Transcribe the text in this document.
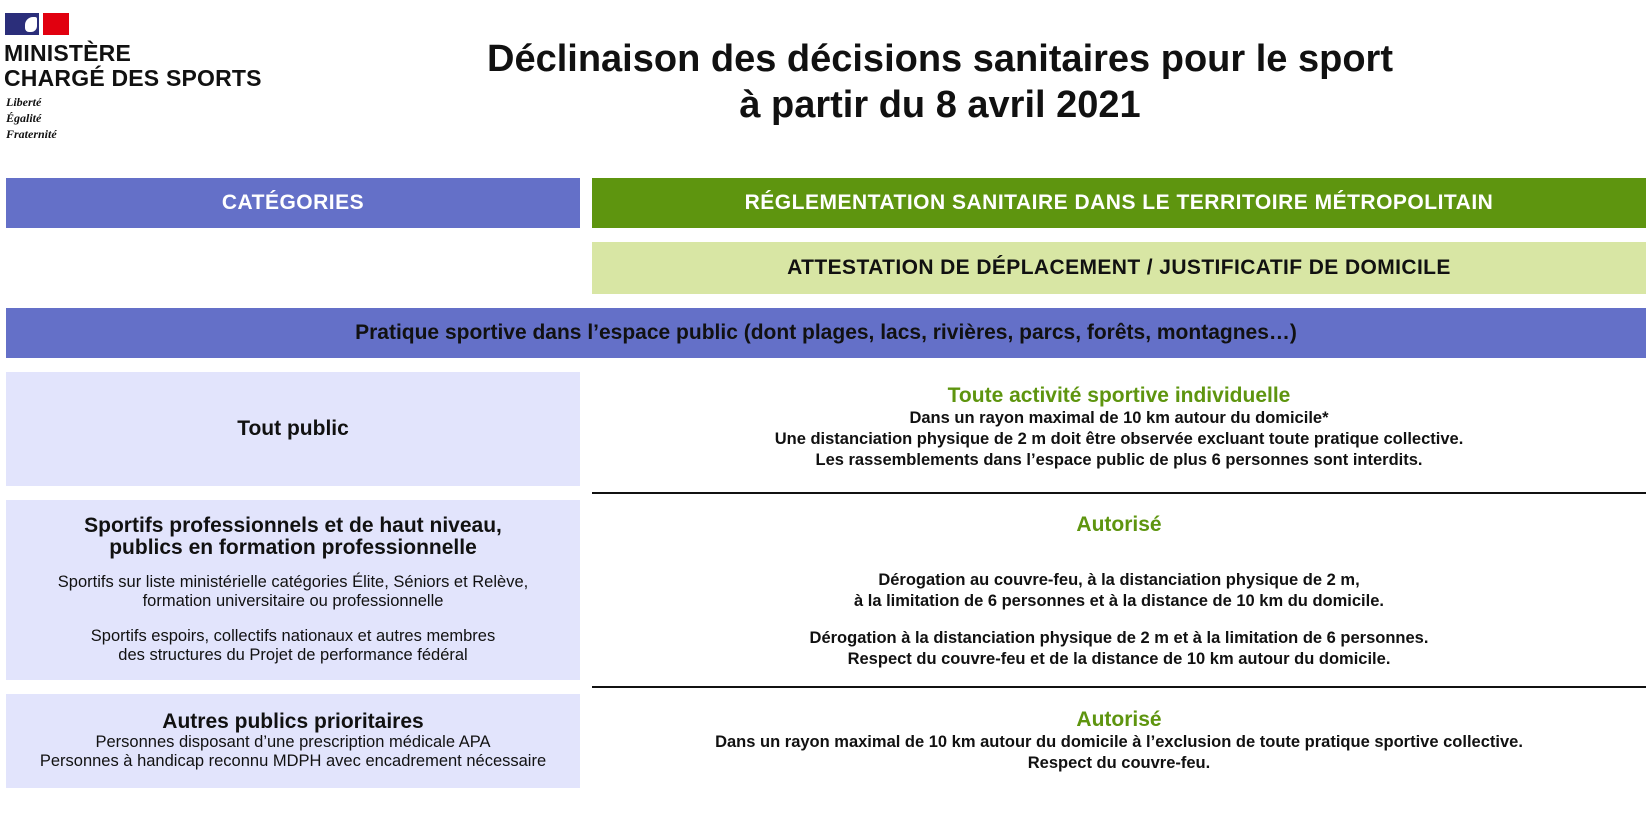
MINISTÈRE
CHARGÉ DES SPORTS
Liberté
Égalité
Fraternité
Déclinaison des décisions sanitaires pour le sport
à partir du 8 avril 2021
CATÉGORIES	RÉGLEMENTATION SANITAIRE DANS LE TERRITOIRE MÉTROPOLITAIN
ATTESTATION DE DÉPLACEMENT / JUSTIFICATIF DE DOMICILE
Pratique sportive dans l’espace public (dont plages, lacs, rivières, parcs, forêts, montagnes…)
Tout public
Toute activité sportive individuelle
Dans un rayon maximal de 10 km autour du domicile*
Une distanciation physique de 2 m doit être observée excluant toute pratique collective.
Les rassemblements dans l’espace public de plus 6 personnes sont interdits.
Sportifs professionnels et de haut niveau,
publics en formation professionnelle
Sportifs sur liste ministérielle catégories Élite, Séniors et Relève,
formation universitaire ou professionnelle
Sportifs espoirs, collectifs nationaux et autres membres
des structures du Projet de performance fédéral
Autorisé
Dérogation au couvre-feu, à la distanciation physique de 2 m,
à la limitation de 6 personnes et à la distance de 10 km du domicile.
Dérogation à la distanciation physique de 2 m et à la limitation de 6 personnes.
Respect du couvre-feu et de la distance de 10 km autour du domicile.
Autres publics prioritaires
Personnes disposant d’une prescription médicale APA
Personnes à handicap reconnu MDPH avec encadrement nécessaire
Autorisé
Dans un rayon maximal de 10 km autour du domicile à l’exclusion de toute pratique sportive collective.
Respect du couvre-feu.
